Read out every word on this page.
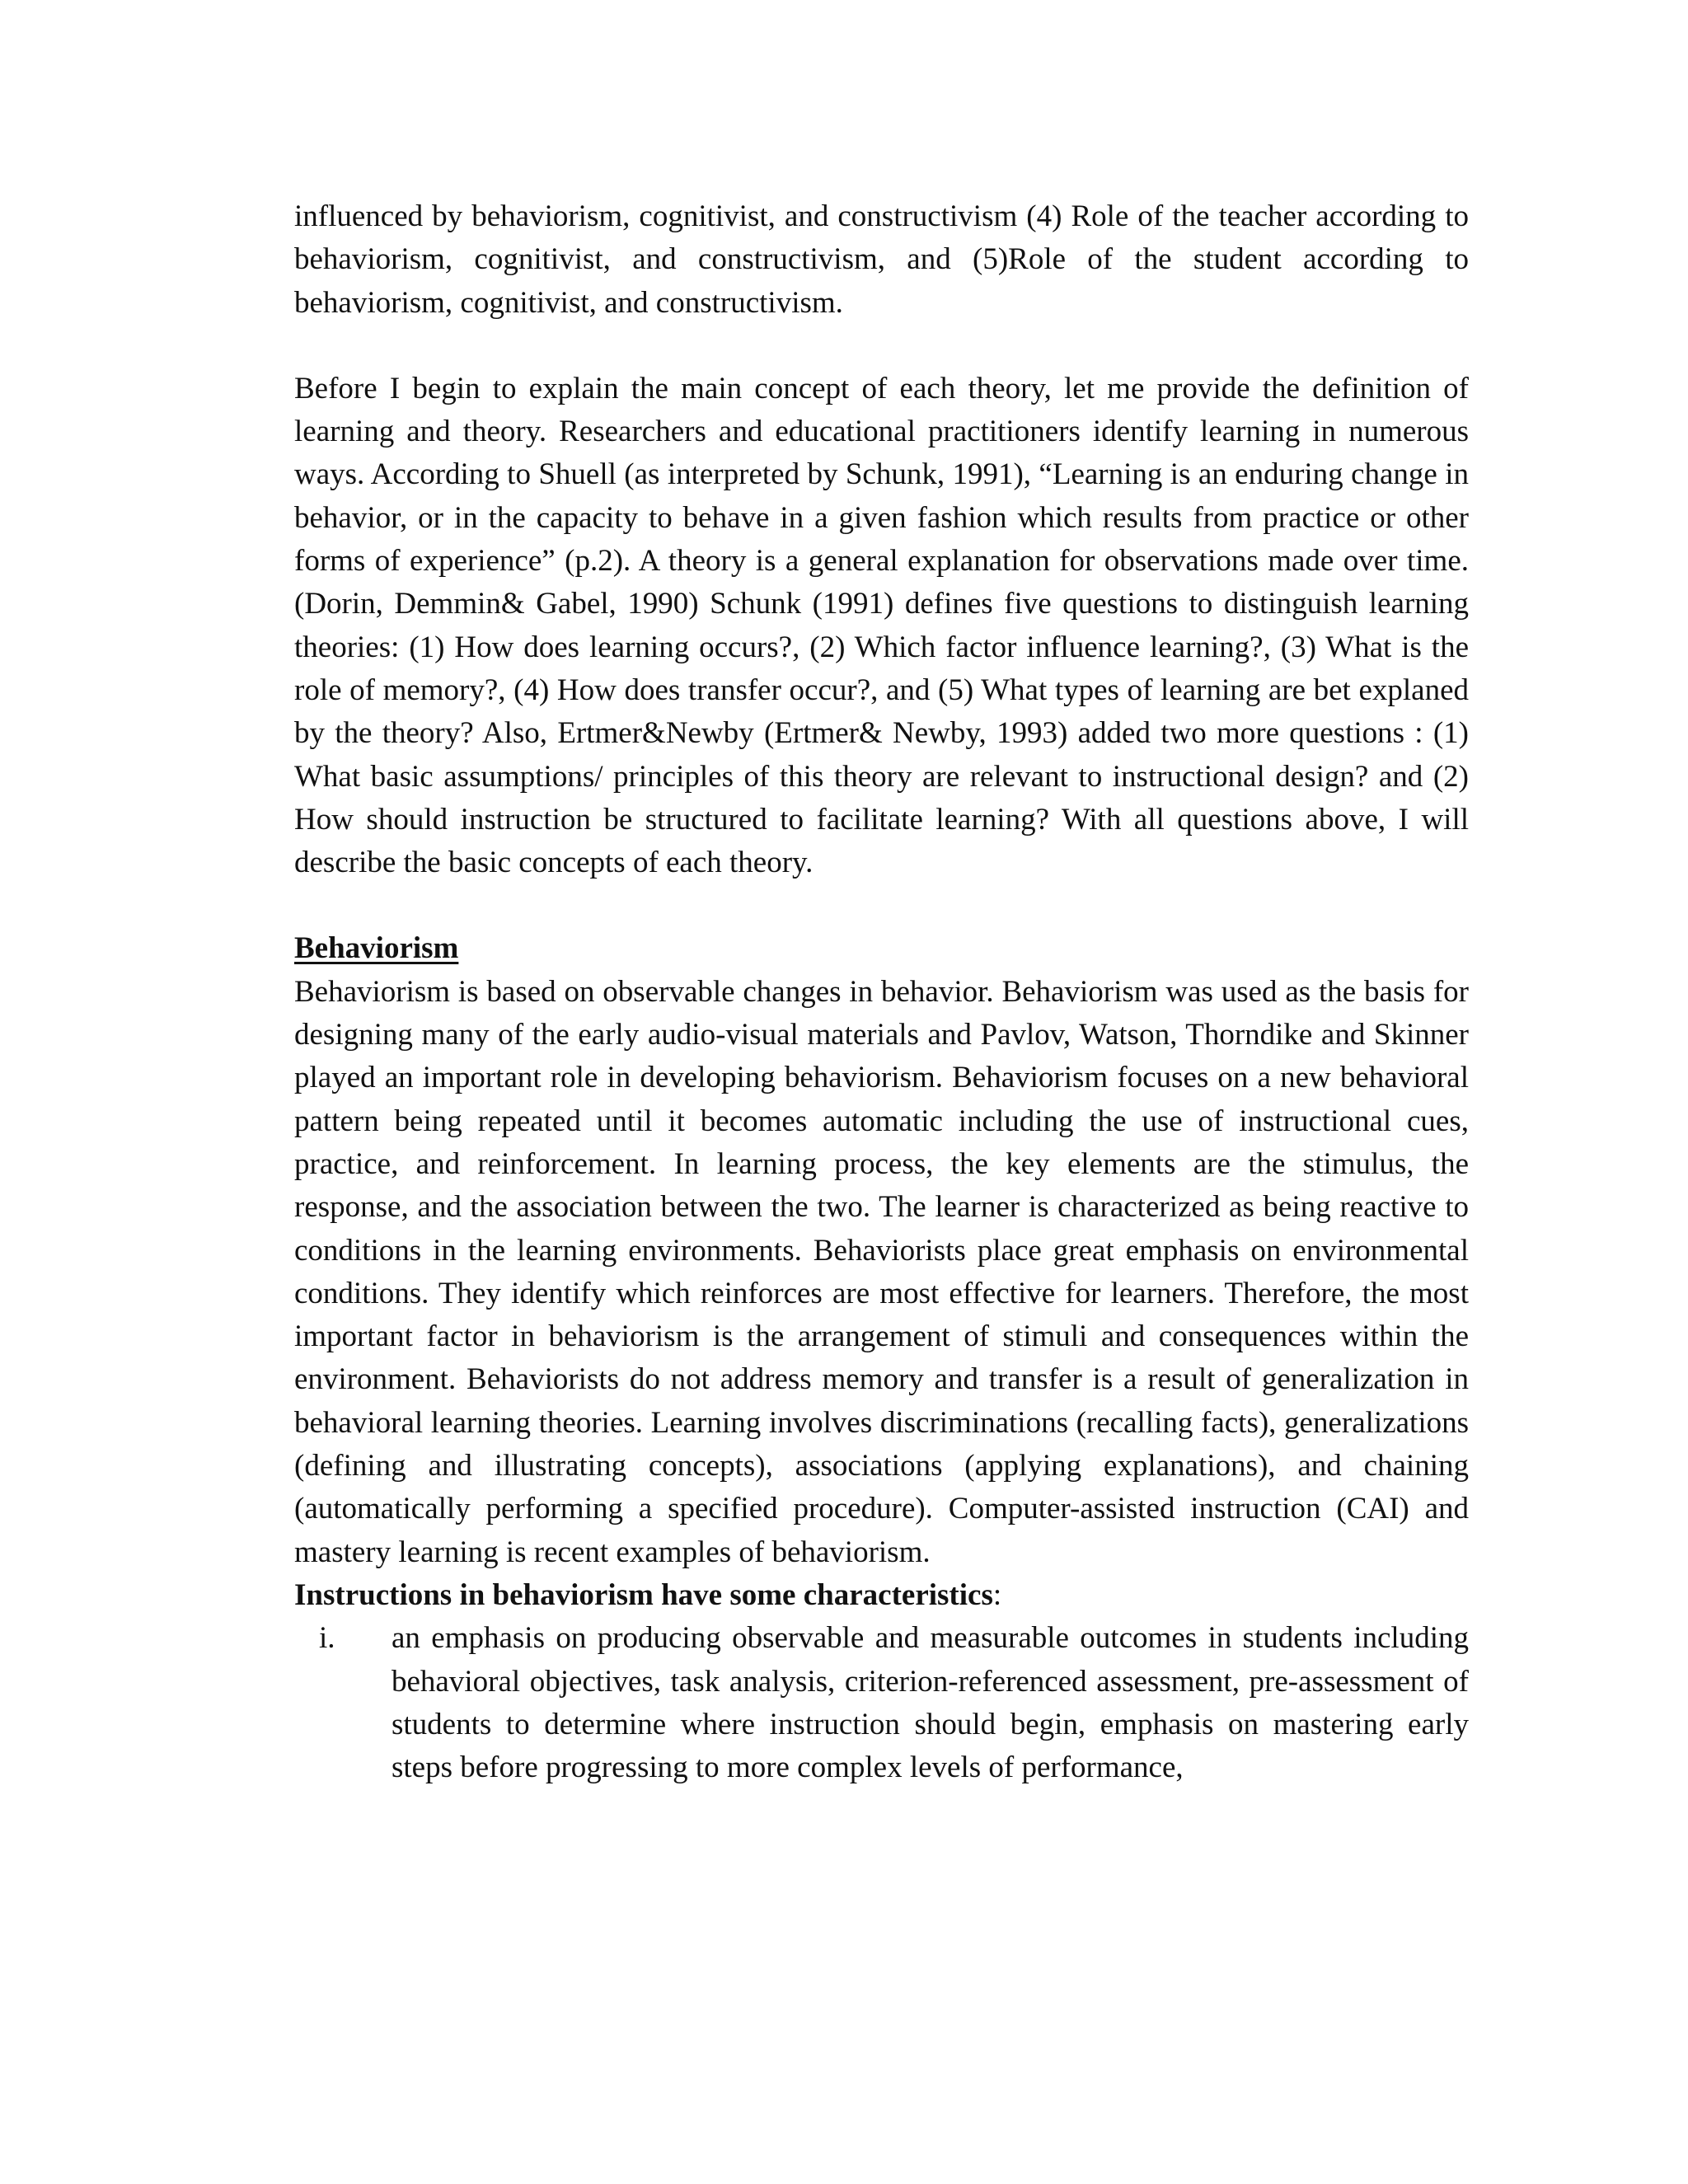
influenced by behaviorism, cognitivist, and constructivism (4) Role of the teacher according to behaviorism, cognitivist, and constructivism, and (5)Role of the student according to behaviorism, cognitivist, and constructivism.

Before I begin to explain the main concept of each theory, let me provide the definition of learning and theory. Researchers and educational practitioners identify learning in numerous ways. According to Shuell (as interpreted by Schunk, 1991), “Learning is an enduring change in behavior, or in the capacity to behave in a given fashion which results from practice or other forms of experience” (p.2). A theory is a general explanation for observations made over time. (Dorin, Demmin& Gabel, 1990) Schunk (1991) defines five questions to distinguish learning theories: (1) How does learning occurs?, (2) Which factor influence learning?, (3) What is the role of memory?, (4) How does transfer occur?, and (5) What types of learning are bet explaned by the theory? Also, Ertmer&Newby (Ertmer& Newby, 1993) added two more questions : (1) What basic assumptions/ principles of this theory are relevant to instructional design? and (2) How should instruction be structured to facilitate learning? With all questions above, I will describe the basic concepts of each theory.

Behaviorism

Behaviorism is based on observable changes in behavior. Behaviorism was used as the basis for designing many of the early audio-visual materials and Pavlov, Watson, Thorndike and Skinner played an important role in developing behaviorism. Behaviorism focuses on a new behavioral pattern being repeated until it becomes automatic including the use of instructional cues, practice, and reinforcement. In learning process, the key elements are the stimulus, the response, and the association between the two. The learner is characterized as being reactive to conditions in the learning environments. Behaviorists place great emphasis on environmental conditions. They identify which reinforces are most effective for learners. Therefore, the most important factor in behaviorism is the arrangement of stimuli and consequences within the environment. Behaviorists do not address memory and transfer is a result of generalization in behavioral learning theories. Learning involves discriminations (recalling facts), generalizations (defining and illustrating concepts), associations (applying explanations), and chaining (automatically performing a specified procedure). Computer-assisted instruction (CAI) and mastery learning is recent examples of behaviorism.

Instructions in behaviorism have some characteristics:

i.	an emphasis on producing observable and measurable outcomes in students including behavioral objectives, task analysis, criterion-referenced assessment, pre-assessment of students to determine where instruction should begin, emphasis on mastering early steps before progressing to more complex levels of performance,
